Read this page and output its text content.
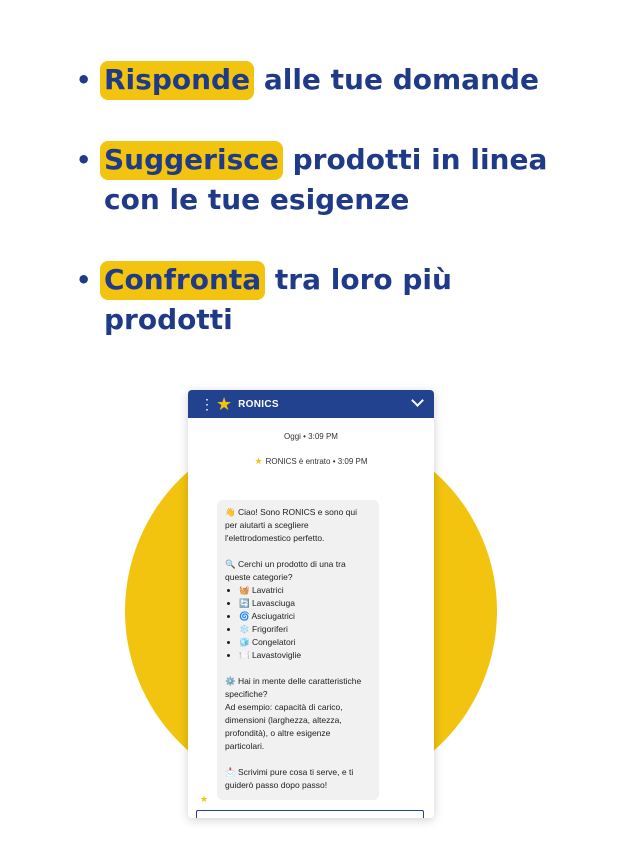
• Risponde alle tue domande
• Suggerisce prodotti in linea con le tue esigenze
• Confronta tra loro più prodotti
⋮ ★ RONICS
Oggi • 3:09 PM
★ RONICS è entrato • 3:09 PM

👋 Ciao! Sono RONICS e sono qui per aiutarti a scegliere l'elettrodomestico perfetto.

🔍 Cerchi un prodotto di una tra queste categorie?

• 🧺 Lavatrici
• 🔄 Lavasciuga
• 🌀 Asciugatrici
• ❄️ Frigoriferi
• 🧊 Congelatori
• 🍽️ Lavastoviglie

⚙️ Hai in mente delle caratteristiche specifiche?

Ad esempio: capacità di carico, dimensioni (larghezza, altezza, profondità), o altre esigenze particolari.

📩 Scrivimi pure cosa ti serve, e ti guiderò passo dopo passo!

★
Digita il messaggio...
